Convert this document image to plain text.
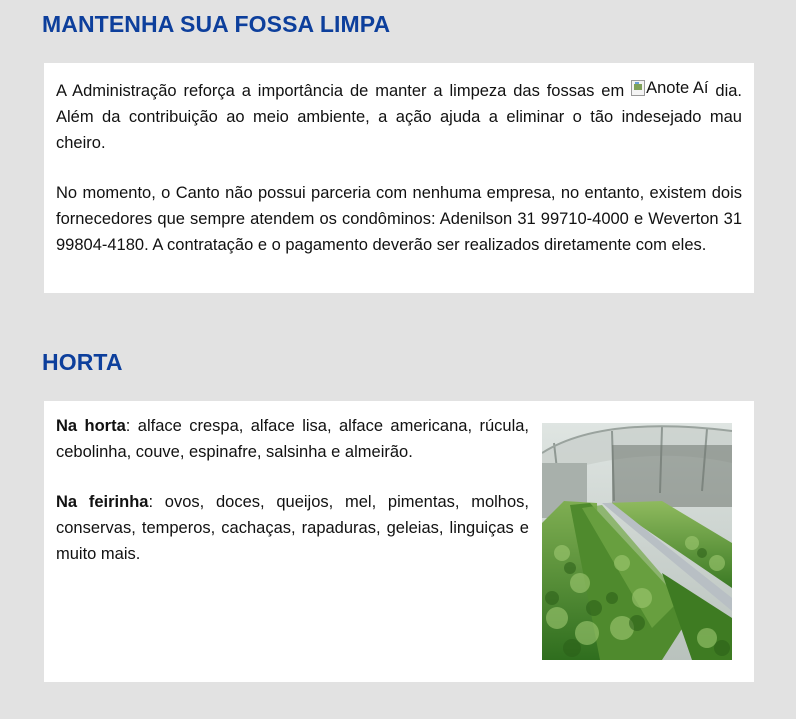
MANTENHA SUA FOSSA LIMPA

A Administração reforça a importância de manter a limpeza das fossas em Anote Aí dia. Além da contribuição ao meio ambiente, a ação ajuda a eliminar o tão indesejado mau cheiro.

No momento, o Canto não possui parceria com nenhuma empresa, no entanto, existem dois fornecedores que sempre atendem os condôminos: Adenilson 31 99710-4000 e Weverton 31 99804-4180. A contratação e o pagamento deverão ser realizados diretamente com eles.

HORTA

Na horta: alface crespa, alface lisa, alface americana, rúcula, cebolinha, couve, espinafre, salsinha e almeirão.

Na feirinha: ovos, doces, queijos, mel, pimentas, molhos, conservas, temperos, cachaças, rapaduras, geleias, linguiças e muito mais.
